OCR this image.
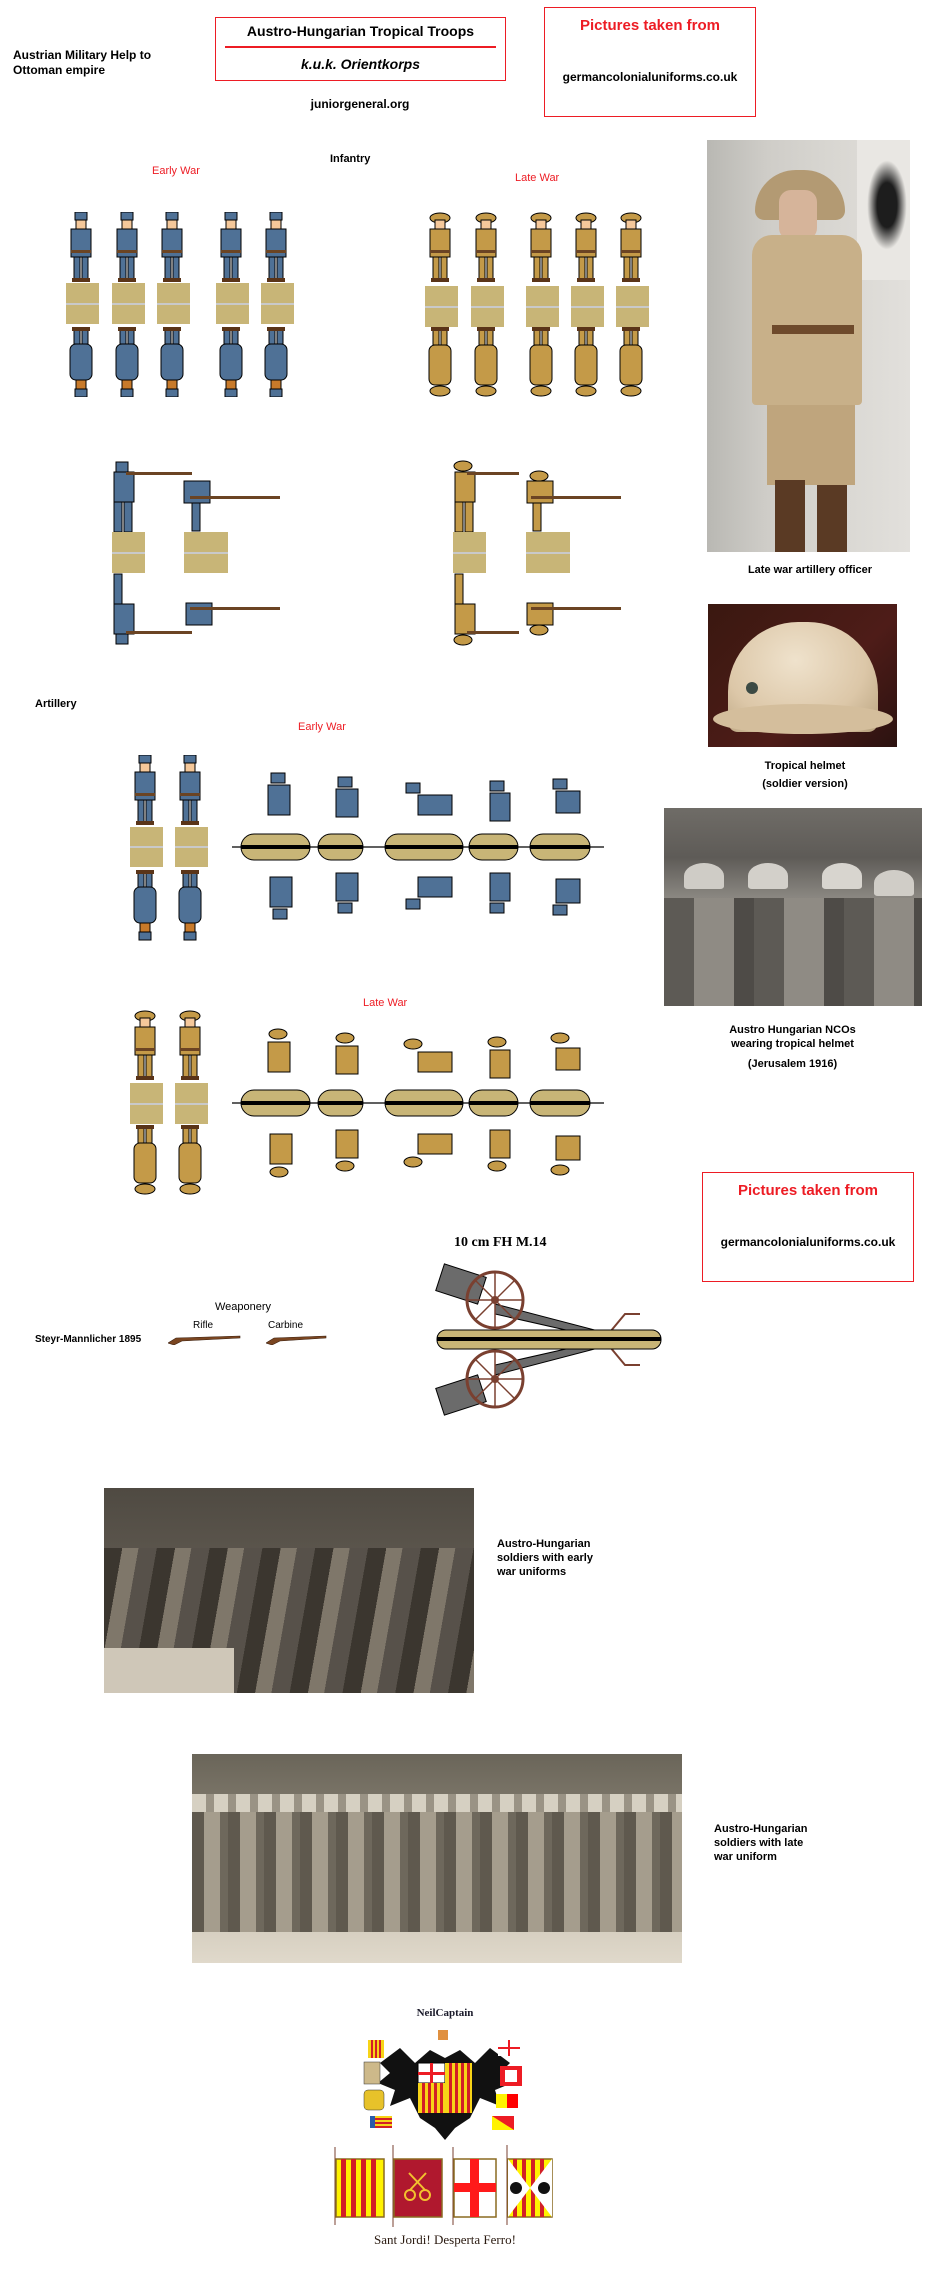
Austrian Military Help to
Ottoman empire
Austro-Hungarian Tropical Troops
k.u.k. Orientkorps
juniorgeneral.org
Pictures taken from
germancolonialuniforms.co.uk
Infantry
Early War
Late War
Late war artillery officer
Tropical helmet
(soldier version)
Austro Hungarian NCOs
wearing tropical helmet
(Jerusalem 1916)
Artillery
Early War
Late War
Pictures taken from
germancolonialuniforms.co.uk
10 cm FH M.14
Weaponery
Rifle	Carbine
Steyr-Mannlicher 1895
Austro-Hungarian
soldiers with early
war uniforms
Austro-Hungarian
soldiers with late
war uniform
NeilCaptain
Sant Jordi! Desperta Ferro!
